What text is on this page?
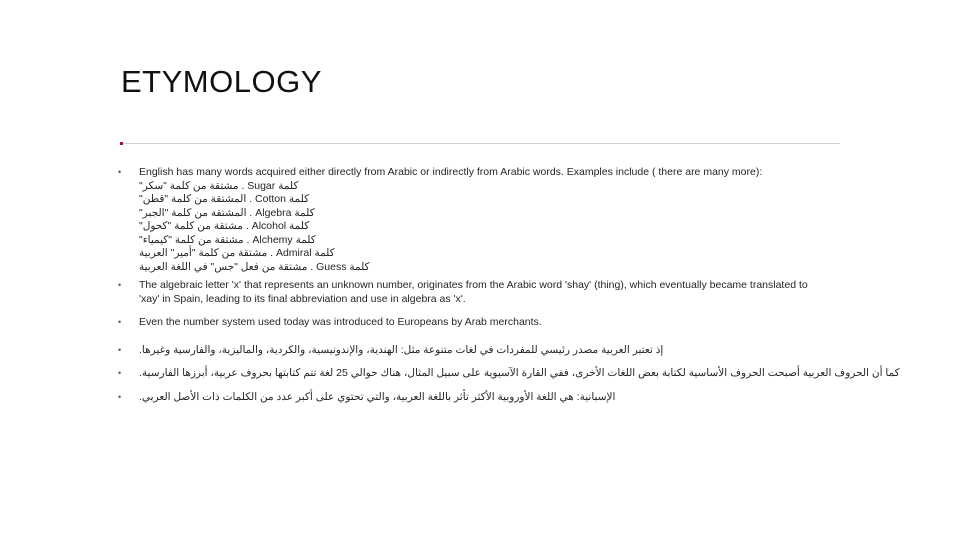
ETYMOLOGY
• English has many words acquired either directly from Arabic or indirectly from Arabic words. Examples include ( there are many more):
كلمة Sugar . مشتقة من كلمة "سكر"
كلمة Cotton . المشتقة من كلمة "قطن"
كلمة Algebra . المشتقة من كلمة "الجبر"
كلمة Alcohol . مشتقة من كلمة "كحول"
كلمة Alchemy . مشتقة من كلمة "كيمياء"
كلمة Admiral . مشتقة من كلمة "أمير" العربية
كلمة Guess . مشتقة من فعل "جس" في اللغة العربية
• The algebraic letter 'x' that represents an unknown number, originates from the Arabic word 'shay' (thing), which eventually became translated to 'xay' in Spain, leading to its final abbreviation and use in algebra as 'x'.
• Even the number system used today was introduced to Europeans by Arab merchants.
• إذ تعتبر العربية مصدر رئيسي للمفردات في لغات متنوعة مثل: الهندية، والإندونيسية، والكردية، والماليزية، والفارسية وغيرها.
• كما أن الحروف العربية أصبحت الحروف الأساسية لكتابة بعض اللغات الأخرى، ففي القارة الآسيوية على سبيل المثال، هناك حوالي 25 لغة تتم كتابتها بحروف عربية، أبرزها الفارسية.
• الإسبانية: هي اللغة الأوروبية الأكثر تأثر باللغة العربية، والتي تحتوي على أكبر عدد من الكلمات ذات الأصل العربي.
